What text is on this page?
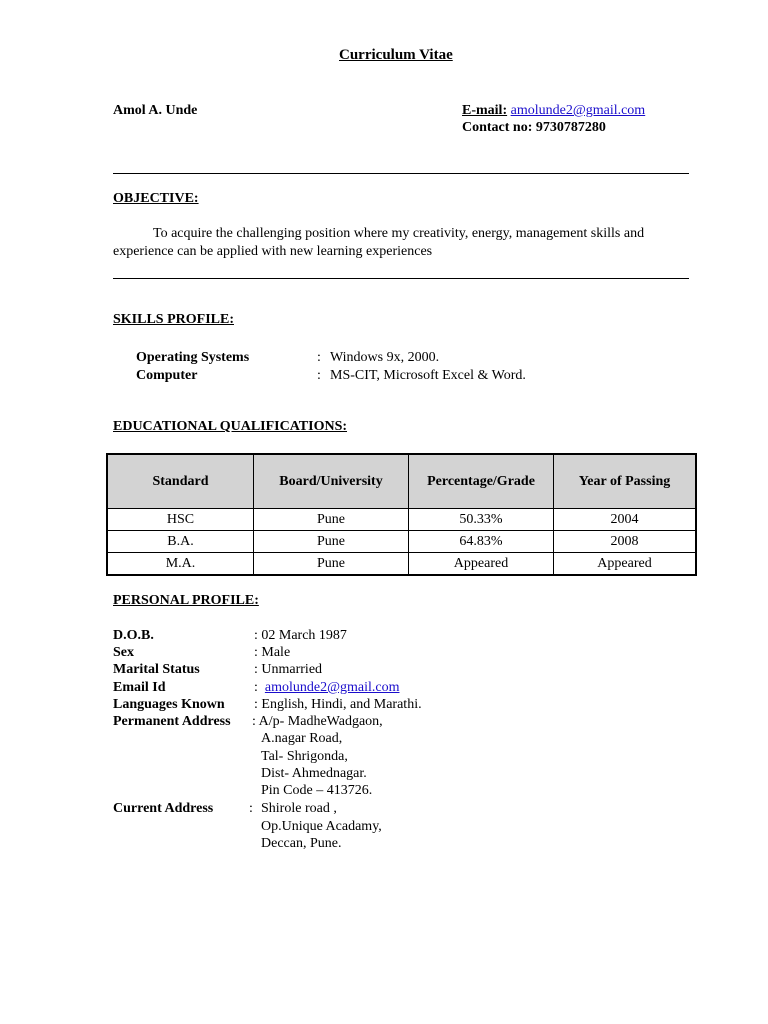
Curriculum Vitae
Amol A. Unde	E-mail: amolunde2@gmail.com
Contact no: 9730787280
OBJECTIVE:
To acquire the challenging position where my creativity, energy, management skills and
experience can be applied with new learning experiences
SKILLS PROFILE:
Operating Systems	: Windows 9x, 2000.
Computer	: MS-CIT, Microsoft Excel & Word.
EDUCATIONAL QUALIFICATIONS:
Standard	Board/University	Percentage/Grade	Year of Passing
HSC	Pune	50.33%	2004
B.A.	Pune	64.83%	2008
M.A.	Pune	Appeared	Appeared
PERSONAL PROFILE:
D.O.B.	: 02 March 1987
Sex	: Male
Marital Status	: Unmarried
Email Id	: amolunde2@gmail.com
Languages Known : English, Hindi, and Marathi.
Permanent Address : A/p- MadheWadgaon,
A.nagar Road,
Tal- Shrigonda,
Dist- Ahmednagar.
Pin Code – 413726.
Current Address	: Shirole road ,
Op.Unique Acadamy,
Deccan, Pune.
